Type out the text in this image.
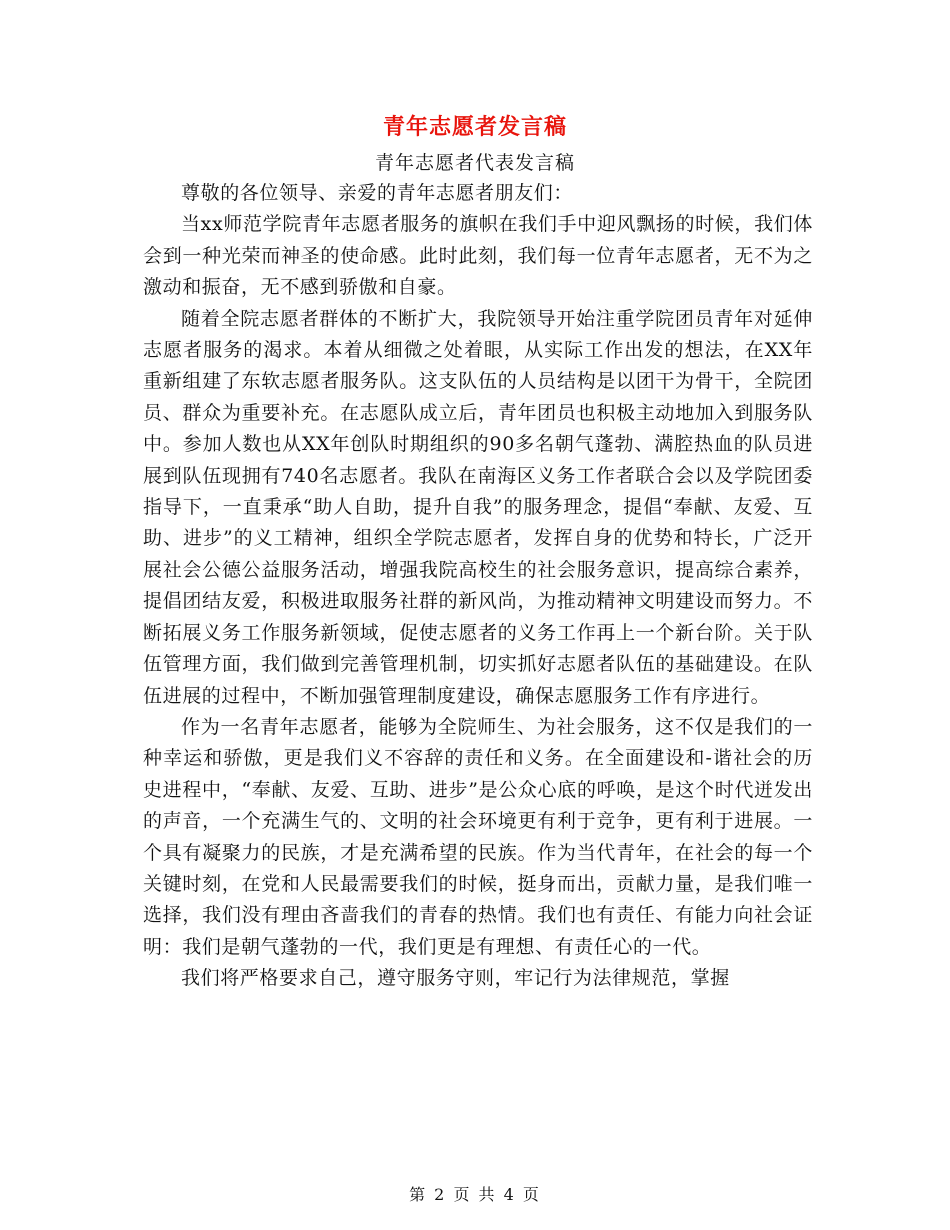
青年志愿者发言稿
青年志愿者代表发言稿

尊敬的各位领导、亲爱的青年志愿者朋友们：

当xx师范学院青年志愿者服务的旗帜在我们手中迎风飘扬的时候，我们体会到一种光荣而神圣的使命感。此时此刻，我们每一位青年志愿者，无不为之激动和振奋，无不感到骄傲和自豪。

随着全院志愿者群体的不断扩大，我院领导开始注重学院团员青年对延伸志愿者服务的渴求。本着从细微之处着眼，从实际工作出发的想法，在XX年重新组建了东软志愿者服务队。这支队伍的人员结构是以团干为骨干，全院团员、群众为重要补充。在志愿队成立后，青年团员也积极主动地加入到服务队中。参加人数也从XX年创队时期组织的90多名朝气蓬勃、满腔热血的队员进展到队伍现拥有740名志愿者。我队在南海区义务工作者联合会以及学院团委指导下，一直秉承“助人自助，提升自我”的服务理念，提倡“奉献、友爱、互助、进步”的义工精神，组织全学院志愿者，发挥自身的优势和特长，广泛开展社会公德公益服务活动，增强我院高校生的社会服务意识，提高综合素养，提倡团结友爱，积极进取服务社群的新风尚，为推动精神文明建设而努力。不断拓展义务工作服务新领域，促使志愿者的义务工作再上一个新台阶。关于队伍管理方面，我们做到完善管理机制，切实抓好志愿者队伍的基础建设。在队伍进展的过程中，不断加强管理制度建设，确保志愿服务工作有序进行。

作为一名青年志愿者，能够为全院师生、为社会服务，这不仅是我们的一种幸运和骄傲，更是我们义不容辞的责任和义务。在全面建设和-谐社会的历史进程中，“奉献、友爱、互助、进步”是公众心底的呼唤，是这个时代迸发出的声音，一个充满生气的、文明的社会环境更有利于竞争，更有利于进展。一个具有凝聚力的民族，才是充满希望的民族。作为当代青年，在社会的每一个关键时刻，在党和人民最需要我们的时候，挺身而出，贡献力量，是我们唯一选择，我们没有理由吝啬我们的青春的热情。我们也有责任、有能力向社会证明：我们是朝气蓬勃的一代，我们更是有理想、有责任心的一代。

我们将严格要求自己，遵守服务守则，牢记行为法律规范，掌握

第 2 页 共 4 页
